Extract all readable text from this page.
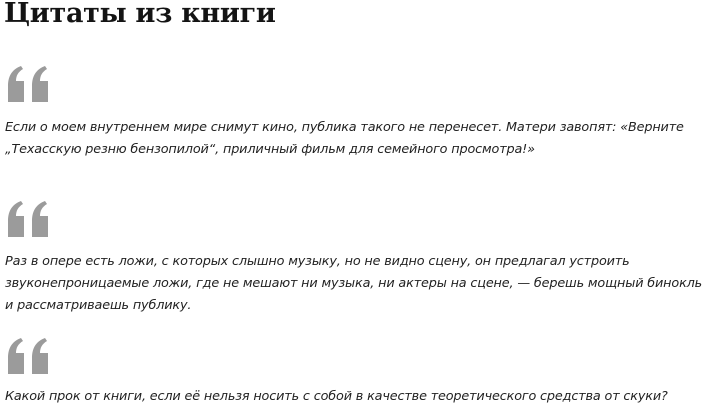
Цитаты из книги

Если о моем внутреннем мире снимут кино, публика такого не перенесет. Матери завопят: «Верните „Техасскую резню бензопилой“, приличный фильм для семейного просмотра!»

Раз в опере есть ложи, с которых слышно музыку, но не видно сцену, он предлагал устроить звуконепроницаемые ложи, где не мешают ни музыка, ни актеры на сцене, — берешь мощный бинокль и рассматриваешь публику.

Какой прок от книги, если её нельзя носить с собой в качестве теоретического средства от скуки?
